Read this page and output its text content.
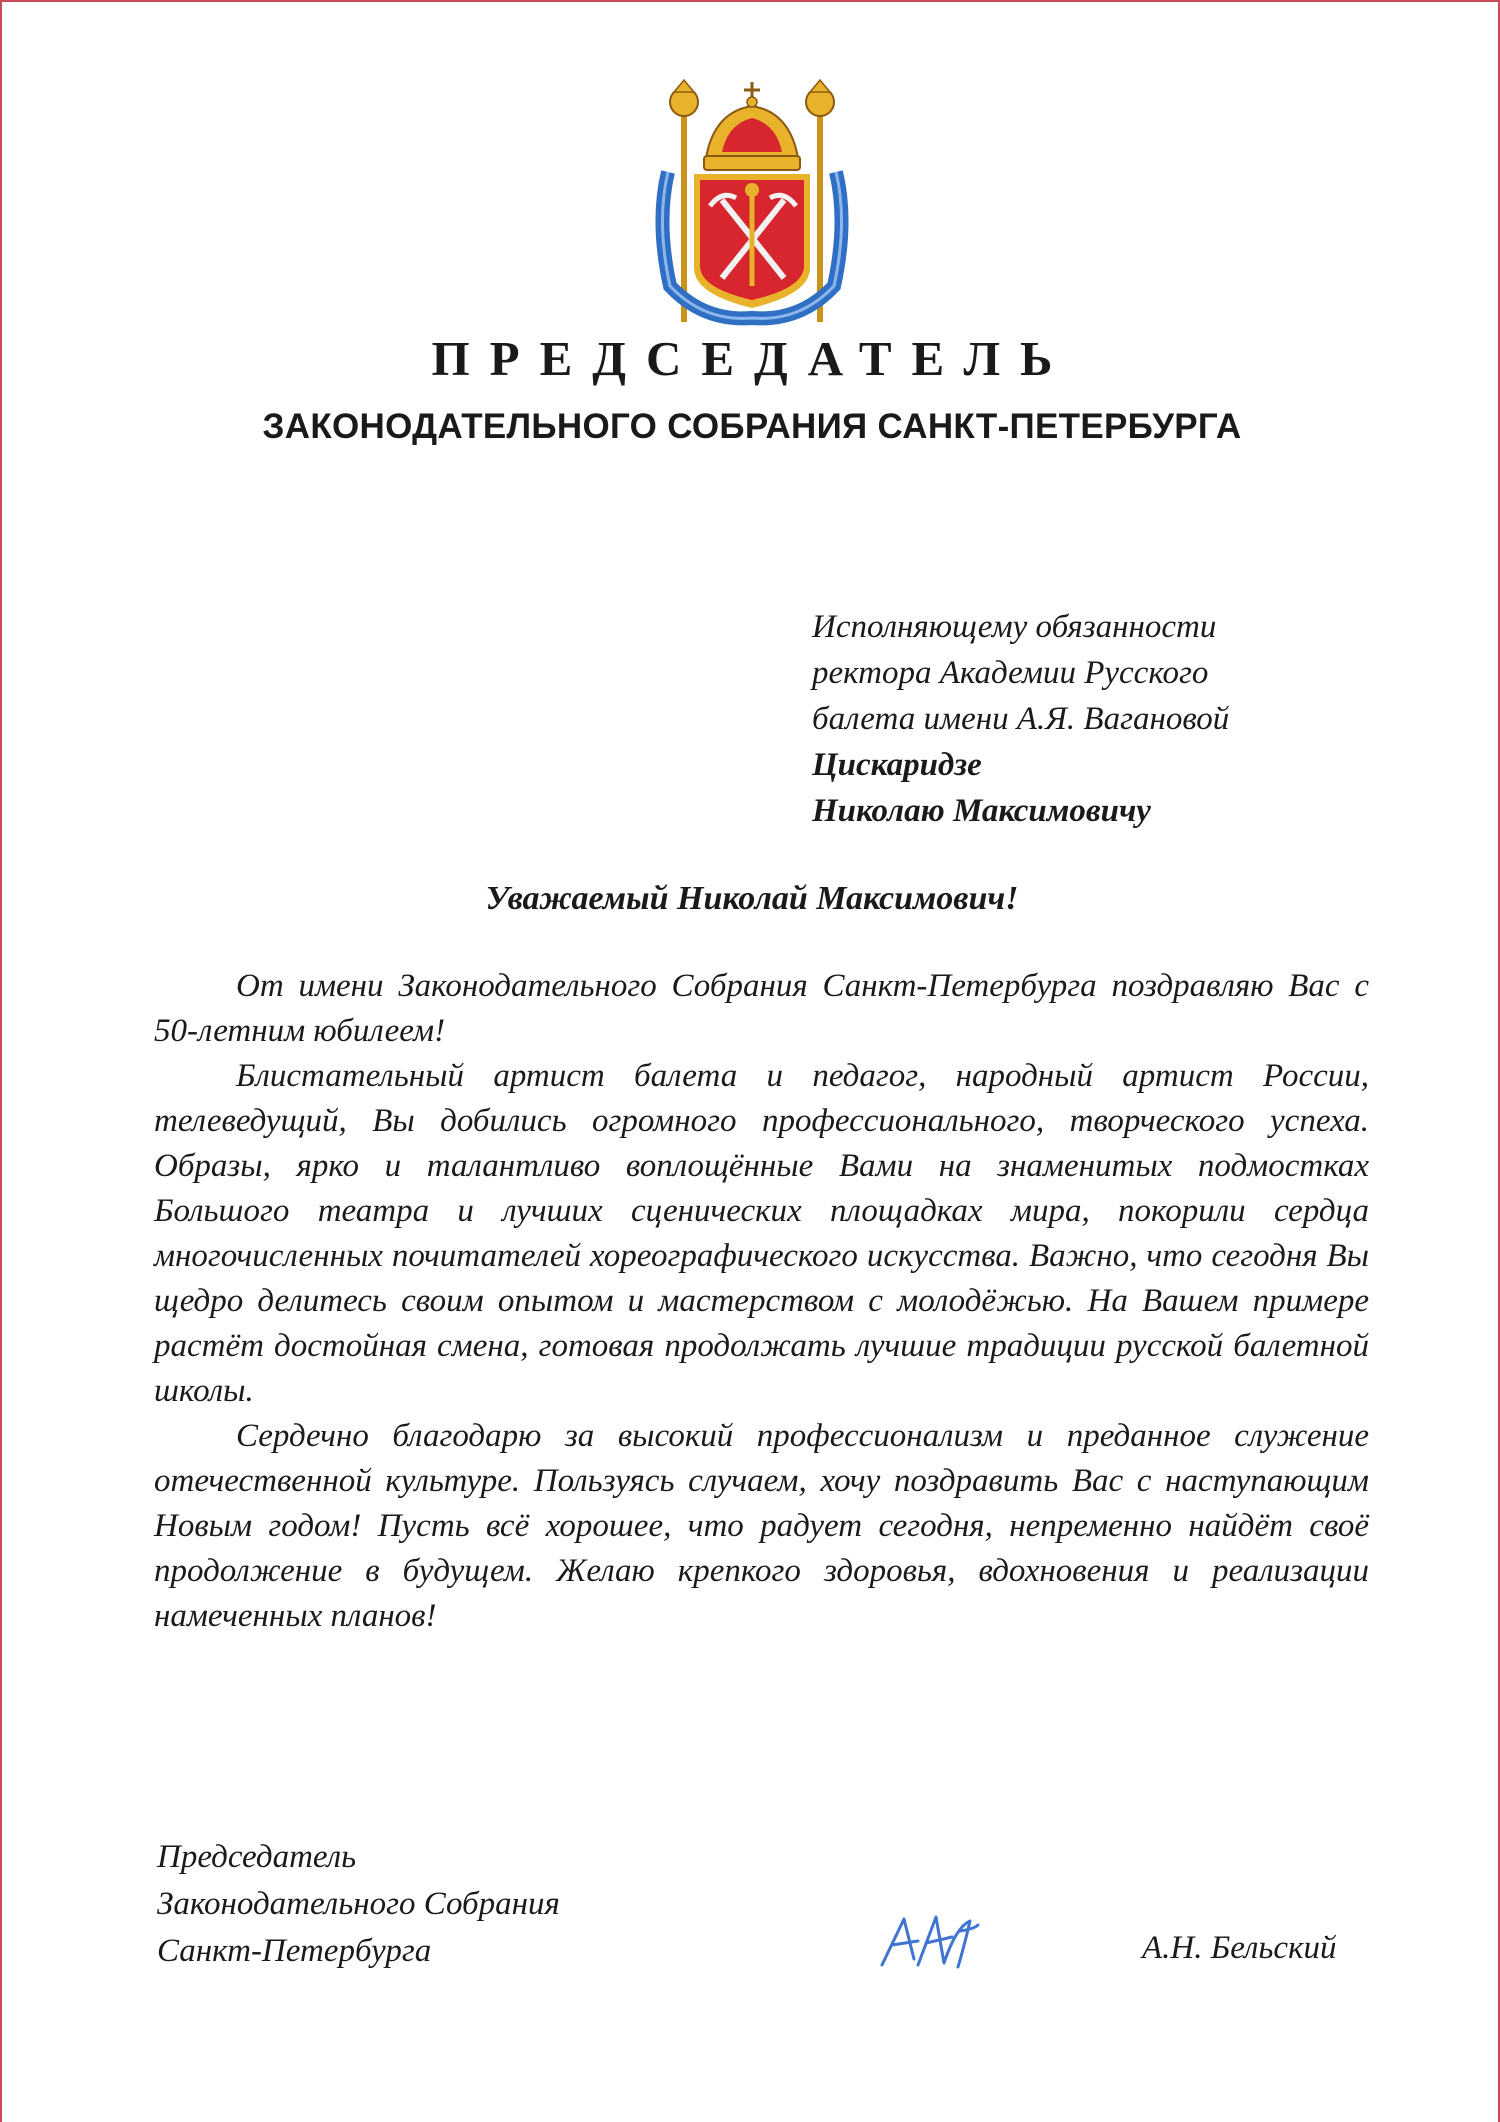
ПРЕДСЕДАТЕЛЬ
ЗАКОНОДАТЕЛЬНОГО СОБРАНИЯ САНКТ-ПЕТЕРБУРГА
Исполняющему обязанности
ректора Академии Русского
балета имени А.Я. Вагановой
Цискаридзе
Николаю Максимовичу
Уважаемый Николай Максимович!

От имени Законодательного Собрания Санкт-Петербурга поздравляю Вас с 50-летним юбилеем!

Блистательный артист балета и педагог, народный артист России, телеведущий, Вы добились огромного профессионального, творческого успеха. Образы, ярко и талантливо воплощённые Вами на знаменитых подмостках Большого театра и лучших сценических площадках мира, покорили сердца многочисленных почитателей хореографического искусства. Важно, что сегодня Вы щедро делитесь своим опытом и мастерством с молодёжью. На Вашем примере растёт достойная смена, готовая продолжать лучшие традиции русской балетной школы.

Сердечно благодарю за высокий профессионализм и преданное служение отечественной культуре. Пользуясь случаем, хочу поздравить Вас с наступающим Новым годом! Пусть всё хорошее, что радует сегодня, непременно найдёт своё продолжение в будущем. Желаю крепкого здоровья, вдохновения и реализации намеченных планов!

Председатель
Законодательного Собрания
Санкт-Петербурга	А.Н. Бельский
